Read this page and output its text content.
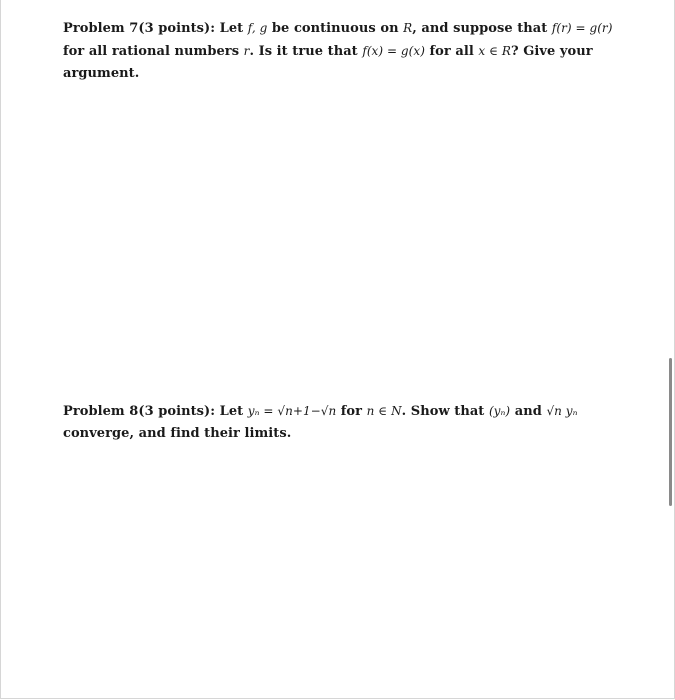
Problem 7(3 points): Let f, g be continuous on R, and suppose that f(r) = g(r) for all rational numbers r. Is it true that f(x) = g(x) for all x ∈ R? Give your argument.
Problem 8(3 points): Let yₙ = √n+1−√n for n ∈ N. Show that (yₙ) and √n yₙ converge, and find their limits.
